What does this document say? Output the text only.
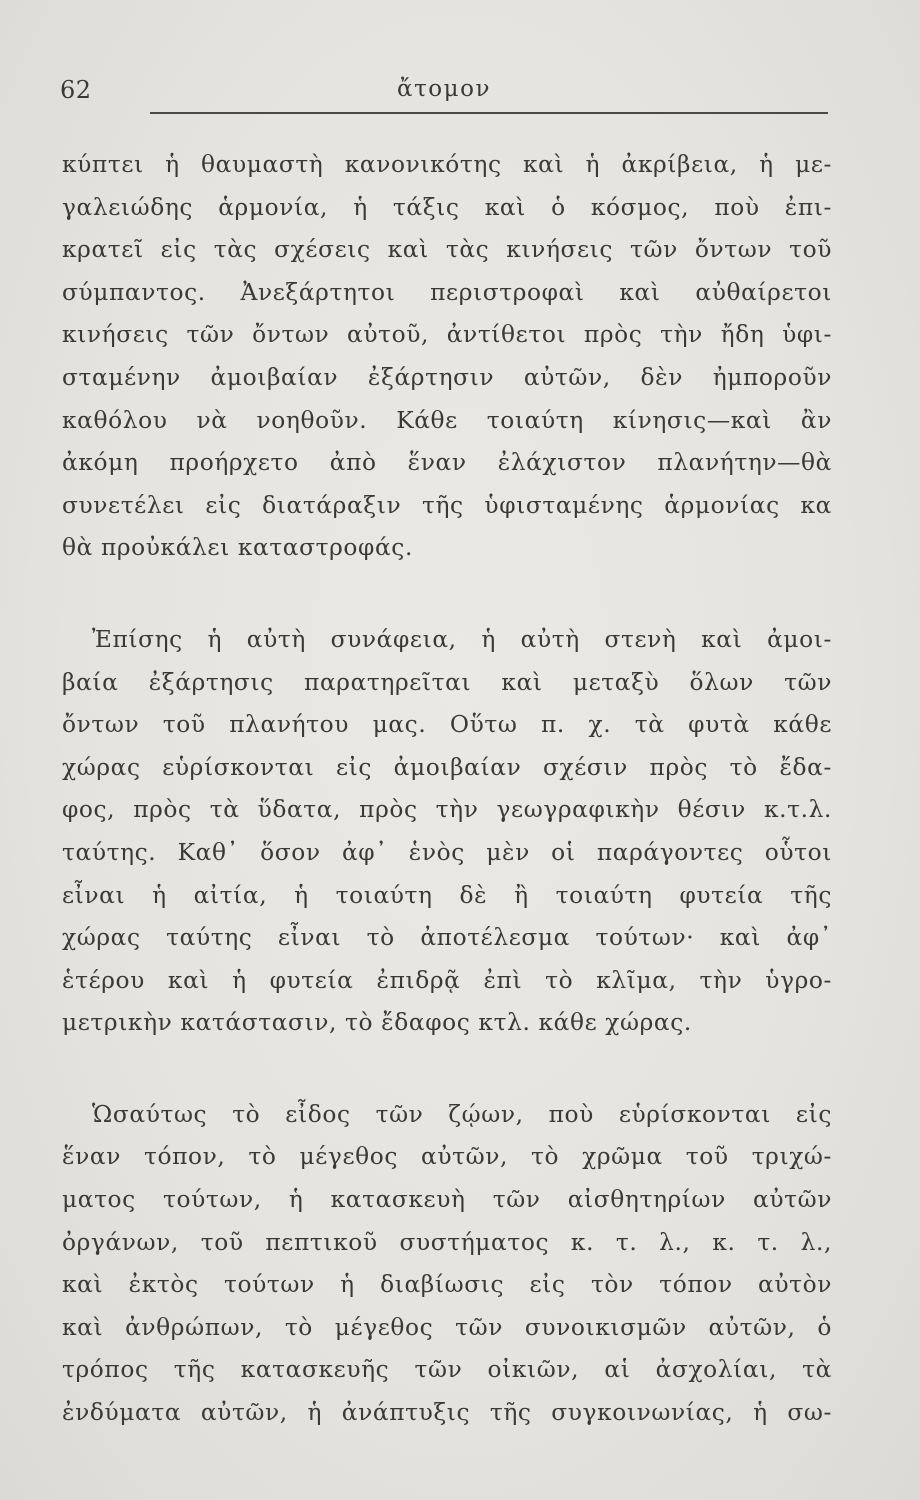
62	ἄτομον
κύπτει ἡ θαυμαστὴ κανονικότης καὶ ἡ ἀκρίβεια, ἡ με-
γαλειώδης ἁρμονία, ἡ τάξις καὶ ὁ κόσμος, ποὺ ἐπι-
κρατεῖ εἰς τὰς σχέσεις καὶ τὰς κινήσεις τῶν ὄντων τοῦ
σύμπαντος. Ἀνεξάρτητοι περιστροφαὶ καὶ αὐθαίρετοι
κινήσεις τῶν ὄντων αὐτοῦ, ἀντίθετοι πρὸς τὴν ἤδη ὑφι-
σταμένην ἀμοιβαίαν ἐξάρτησιν αὐτῶν, δὲν ἠμποροῦν
καθόλου νὰ νοηθοῦν. Κάθε τοιαύτη κίνησις—καὶ ἂν
ἀκόμη προήρχετο ἀπὸ ἕναν ἐλάχιστον πλανήτην—θὰ
συνετέλει εἰς διατάραξιν τῆς ὑφισταμένης ἁρμονίας κα
θὰ προὐκάλει καταστροφάς.
Ἐπίσης ἡ αὐτὴ συνάφεια, ἡ αὐτὴ στενὴ καὶ ἀμοι-
βαία ἐξάρτησις παρατηρεῖται καὶ μεταξὺ ὅλων τῶν
ὄντων τοῦ πλανήτου μας. Οὕτω π. χ. τὰ φυτὰ κάθε
χώρας εὑρίσκονται εἰς ἀμοιβαίαν σχέσιν πρὸς τὸ ἔδα-
φος, πρὸς τὰ ὕδατα, πρὸς τὴν γεωγραφικὴν θέσιν κ.τ.λ.
ταύτης. Καθ᾿ ὅσον ἀφ᾿ ἑνὸς μὲν οἱ παράγοντες οὗτοι
εἶναι ἡ αἰτία, ἡ τοιαύτη δὲ ἢ τοιαύτη φυτεία τῆς
χώρας ταύτης εἶναι τὸ ἀποτέλεσμα τούτων· καὶ ἀφ᾿
ἑτέρου καὶ ἡ φυτεία ἐπιδρᾷ ἐπὶ τὸ κλῖμα, τὴν ὑγρο-
μετρικὴν κατάστασιν, τὸ ἔδαφος κτλ. κάθε χώρας.
Ὡσαύτως τὸ εἶδος τῶν ζῴων, ποὺ εὑρίσκονται εἰς
ἕναν τόπον, τὸ μέγεθος αὐτῶν, τὸ χρῶμα τοῦ τριχώ-
ματος τούτων, ἡ κατασκευὴ τῶν αἰσθητηρίων αὐτῶν
ὀργάνων, τοῦ πεπτικοῦ συστήματος κ. τ. λ., κ. τ. λ.,
καὶ ἐκτὸς τούτων ἡ διαβίωσις εἰς τὸν τόπον αὐτὸν
καὶ ἀνθρώπων, τὸ μέγεθος τῶν συνοικισμῶν αὐτῶν, ὁ
τρόπος τῆς κατασκευῆς τῶν οἰκιῶν, αἱ ἀσχολίαι, τὰ
ἐνδύματα αὐτῶν, ἡ ἀνάπτυξις τῆς συγκοινωνίας, ἡ σω-
